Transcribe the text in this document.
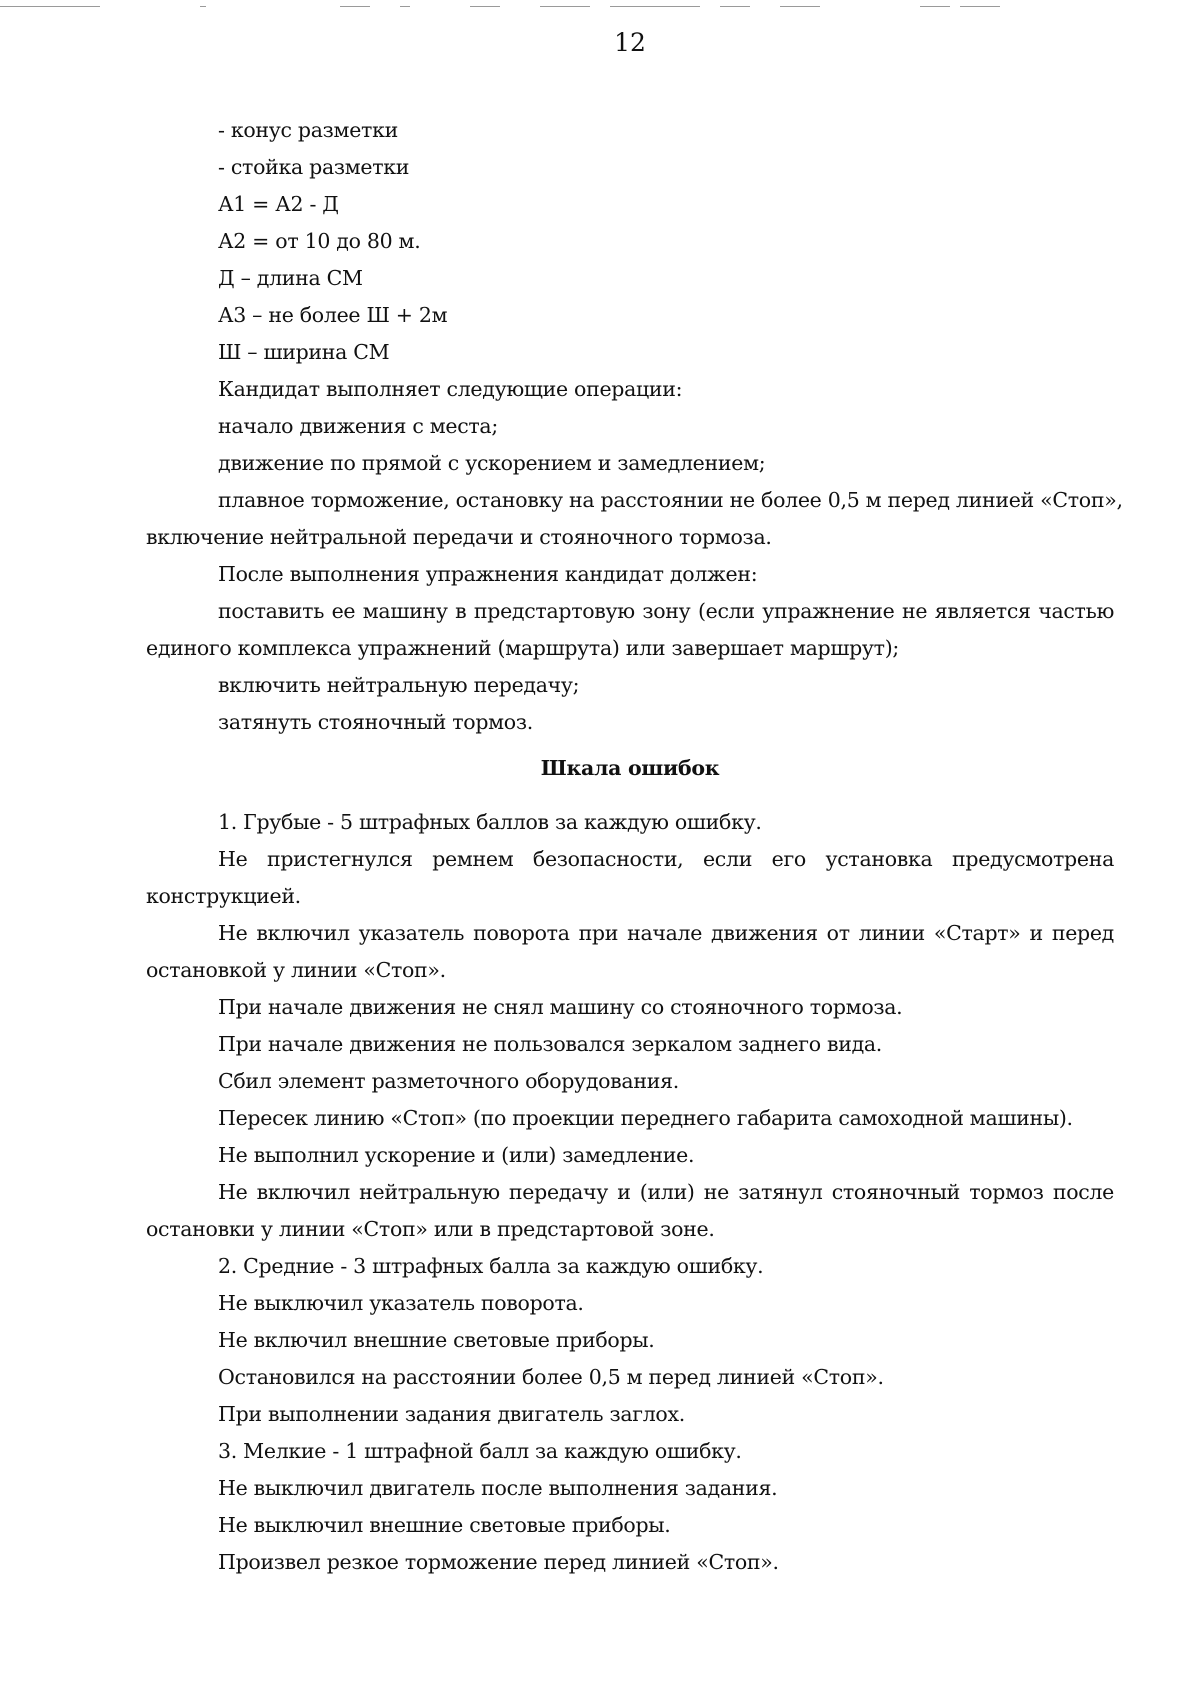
12
- конус разметки
- стойка разметки
А1 = А2 - Д
А2 = от 10 до 80 м.
Д – длина СМ
А3 – не более Ш + 2м
Ш – ширина СМ
Кандидат выполняет следующие операции:
начало движения с места;
движение по прямой с ускорением и замедлением;
плавное торможение, остановку на расстоянии не более 0,5 м перед линией «Стоп»,
включение нейтральной передачи и стояночного тормоза.
После выполнения упражнения кандидат должен:
поставить ее машину в предстартовую зону (если упражнение не является частью
единого комплекса упражнений (маршрута) или завершает маршрут);
включить нейтральную передачу;
затянуть стояночный тормоз.
Шкала ошибок
1. Грубые - 5 штрафных баллов за каждую ошибку.
Не пристегнулся ремнем безопасности, если его установка предусмотрена
конструкцией.
Не включил указатель поворота при начале движения от линии «Старт» и перед
остановкой у линии «Стоп».
При начале движения не снял машину со стояночного тормоза.
При начале движения не пользовался зеркалом заднего вида.
Сбил элемент разметочного оборудования.
Пересек линию «Стоп» (по проекции переднего габарита самоходной машины).
Не выполнил ускорение и (или) замедление.
Не включил нейтральную передачу и (или) не затянул стояночный тормоз после
остановки у линии «Стоп» или в предстартовой зоне.
2. Средние - 3 штрафных балла за каждую ошибку.
Не выключил указатель поворота.
Не включил внешние световые приборы.
Остановился на расстоянии более 0,5 м перед линией «Стоп».
При выполнении задания двигатель заглох.
3. Мелкие - 1 штрафной балл за каждую ошибку.
Не выключил двигатель после выполнения задания.
Не выключил внешние световые приборы.
Произвел резкое торможение перед линией «Стоп».
